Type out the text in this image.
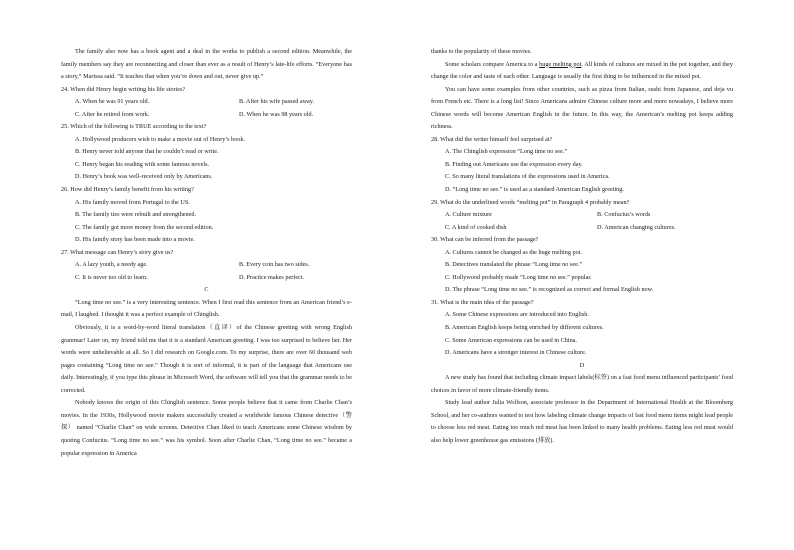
The family also now has a book agent and a deal in the works to publish a second edition. Meanwhile, the family members say they are reconnecting and closer than ever as a result of Henry’s late-life efforts. “Everyone has a story,” Marissa said. “It teaches that when you’re down and out, never give up.”
24. When did Henry begin writing his life stories?
A. When he was 91 years old.	B. After his wife passed away.
C. After he retired from work.	D. When he was 98 years old.
25. Which of the following is TRUE according to the text?
A. Hollywood producers wish to make a movie out of Henry’s book.
B. Henry never told anyone that he couldn’t read or write.
C. Henry began his reading with some famous novels.
D. Henry’s book was well-received only by Americans.
26. How did Henry’s family benefit from his writing?
A. His family moved from Portugal to the US.
B. The family ties were rebuilt and strengthened.
C. The family got more money from the second edition.
D. His family story has been made into a movie.
27. What message can Henry’s story give us?
A. A lazy youth, a needy age.	B. Every coin has two sides.
C. It is never too old to learn.	D. Practice makes perfect.
C
“Long time no see.” is a very interesting sentence. When I first read this sentence from an American friend’s e-mail, I laughed. I thought it was a perfect example of Chinglish.
Obviously, it is a word-by-word literal translation（直译）of the Chinese greeting with wrong English grammar! Later on, my friend told me that it is a standard American greeting. I was too surprised to believe her. Her words were unbelievable at all. So I did research on Google.com. To my surprise, there are over 60 thousand web pages containing “Long time no see.” Though it is sort of informal, it is part of the language that Americans use daily. Interestingly, if you type this phrase in Microsoft Word, the software will tell you that the grammar needs to be corrected.
Nobody knows the origin of this Chinglish sentence. Some people believe that it came from Charlie Chan’s movies. In the 1930s, Hollywood movie makers successfully created a worldwide famous Chinese detective（警探） named “Charlie Chan” on wide screens. Detective Chan liked to teach Americans some Chinese wisdom by quoting Confucius. “Long time no see.” was his symbol. Soon after Charlie Chan, “Long time no see.” became a popular expression in America
thanks to the popularity of these movies.
Some scholars compare America to a huge melting pot. All kinds of cultures are mixed in the pot together, and they change the color and taste of each other. Language is usually the first thing to be influenced in the mixed pot.
You can have some examples from other countries, such as pizza from Italian, sushi from Japanese, and deja vu from French etc. There is a long list! Since Americans admire Chinese culture more and more nowadays, I believe more Chinese words will become American English in the future. In this way, the American’s melting pot keeps adding richness.
28. What did the writer himself feel surprised at?
A. The Chinglish expression “Long time no see.”
B. Finding out Americans use the expression every day.
C. So many literal translations of the expressions used in America.
D. “Long time no see.” is used as a standard American English greeting.
29. What do the underlined words “melting pot” in Paragraph 4 probably mean?
A. Culture mixture	B. Confucius’s words
C. A kind of cooked dish	D. American changing cultures.
30. What can be inferred from the passage?
A. Cultures cannot be changed as the huge melting pot.
B. Detectives translated the phrase “Long time no see.”
C. Hollywood probably made “Long time no see.” popular.
D. The phrase “Long time no see.” is recognized as correct and formal English now.
31. What is the main idea of the passage?
A. Some Chinese expressions are introduced into English.
B. American English keeps being enriched by different cultures.
C. Some American expressions can be used in China.
D. Americans have a stronger interest in Chinese culture.
D
A new study has found that including climate impact labels(标签) on a fast food menu influenced participants’ food choices in favor of more climate-friendly items.
Study lead author Julia Wolfson, associate professor in the Department of International Health at the Bloomberg School, and her co-authors wanted to test how labeling climate change impacts of fast food menu items might lead people to choose less red meat. Eating too much red meat has been linked to many health problems. Eating less red meat would also help lower greenhouse gas emissions (排放).
